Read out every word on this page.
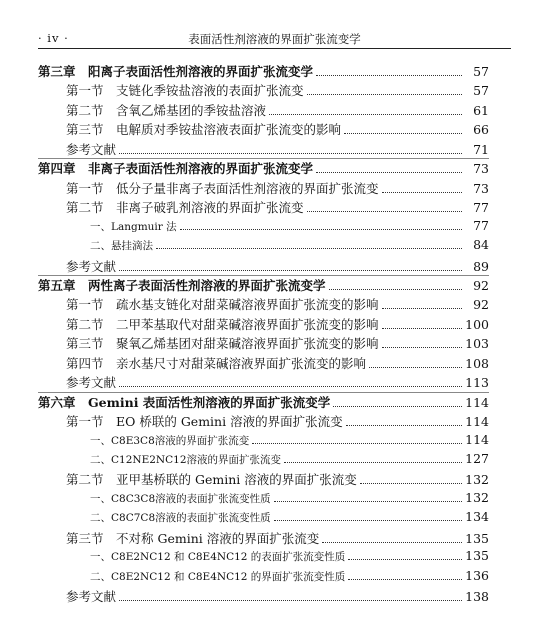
· iv ·	表面活性剂溶液的界面扩张流变学
第三章　阳离子表面活性剂溶液的界面扩张流变学	57
第一节　支链化季铵盐溶液的表面扩张流变	57
第二节　含氧乙烯基团的季铵盐溶液	61
第三节　电解质对季铵盐溶液表面扩张流变的影响	66
参考文献	71
第四章　非离子表面活性剂溶液的界面扩张流变学	73
第一节　低分子量非离子表面活性剂溶液的界面扩张流变	73
第二节　非离子破乳剂溶液的界面扩张流变	77
一、Langmuir 法	77
二、悬挂滴法	84
参考文献	89
第五章　两性离子表面活性剂溶液的界面扩张流变学	92
第一节　疏水基支链化对甜菜碱溶液界面扩张流变的影响	92
第二节　二甲苯基取代对甜菜碱溶液界面扩张流变的影响	100
第三节　聚氧乙烯基团对甜菜碱溶液界面扩张流变的影响	103
第四节　亲水基尺寸对甜菜碱溶液界面扩张流变的影响	108
参考文献	113
第六章　Gemini 表面活性剂溶液的界面扩张流变学	114
第一节　EO 桥联的 Gemini 溶液的界面扩张流变	114
一、C8E3C8溶液的界面扩张流变	114
二、C12NE2NC12溶液的界面扩张流变	127
第二节　亚甲基桥联的 Gemini 溶液的界面扩张流变	132
一、C8C3C8溶液的表面扩张流变性质	132
二、C8C7C8溶液的表面扩张流变性质	134
第三节　不对称 Gemini 溶液的界面扩张流变	135
一、C8E2NC12 和 C8E4NC12 的表面扩张流变性质	135
二、C8E2NC12 和 C8E4NC12 的界面扩张流变性质	136
参考文献	138
